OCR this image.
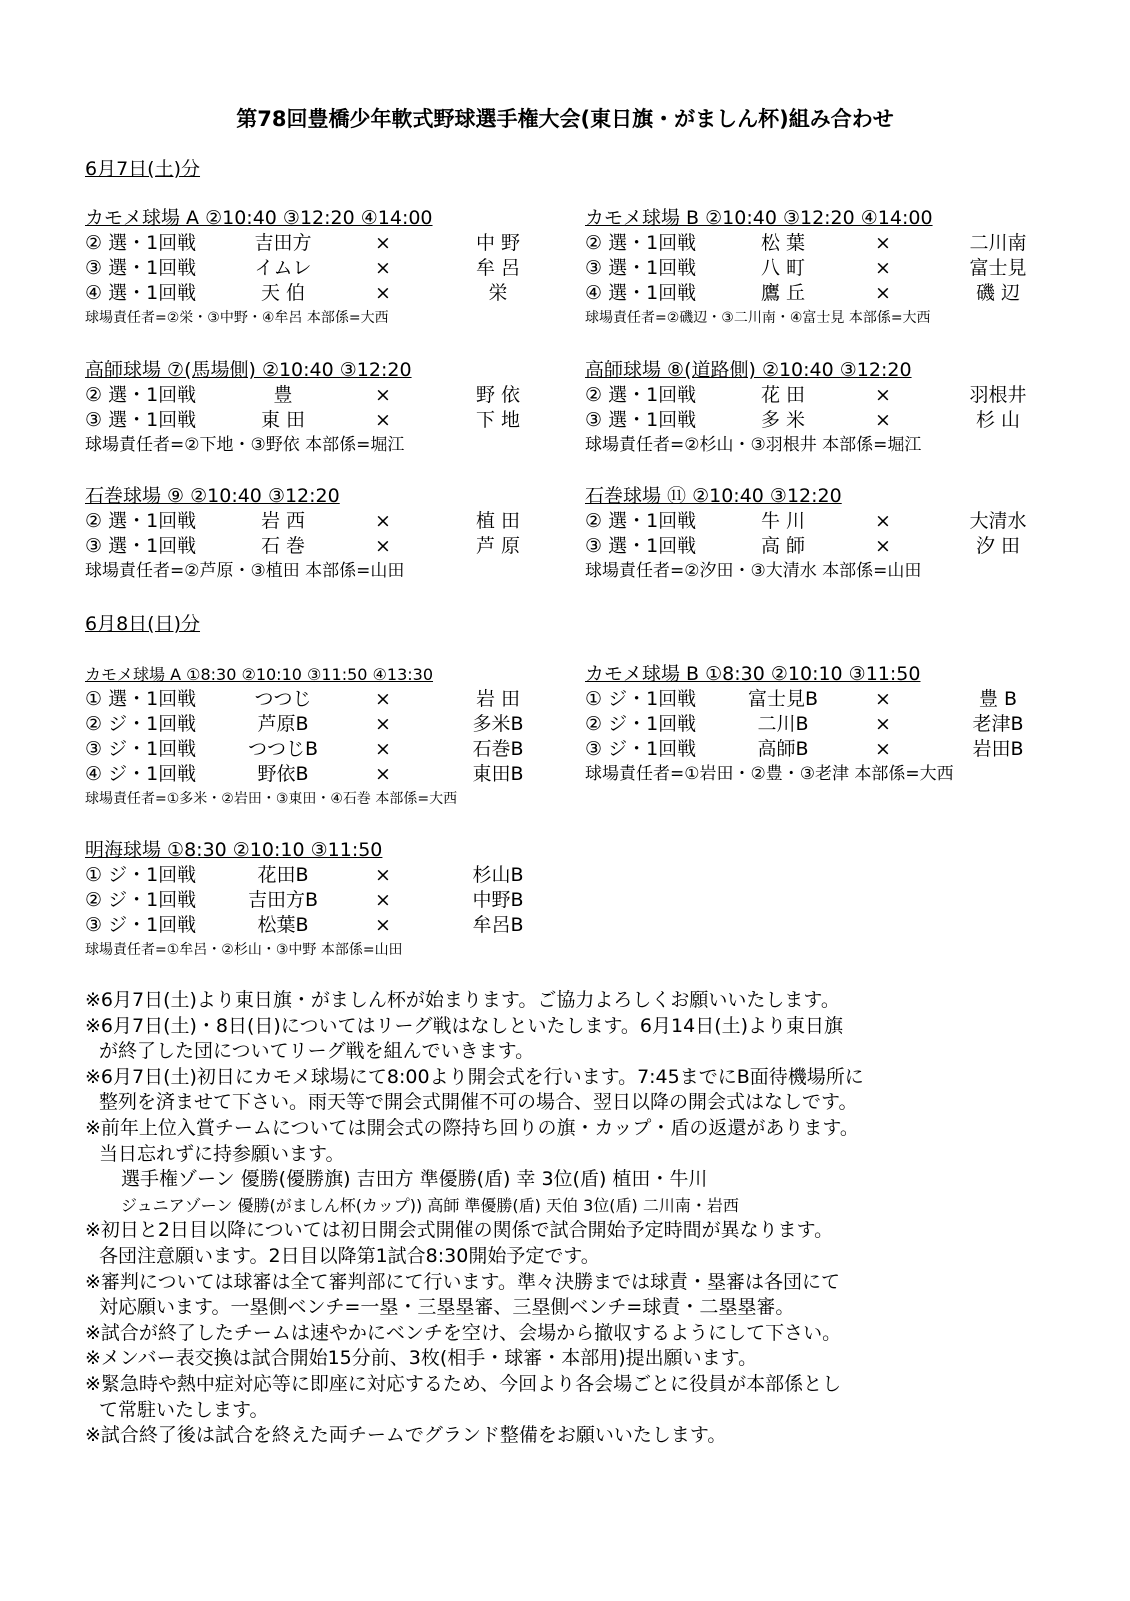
第78回豊橋少年軟式野球選手権大会(東日旗・がましん杯)組み合わせ
6月7日(土)分
6月8日(日)分
カモメ球場 A ②10:40 ③12:20 ④14:00
② 選・1回戦	吉田方	×	中 野
③ 選・1回戦	イムレ	×	牟 呂
④ 選・1回戦	天 伯	×	栄
球場責任者=②栄・③中野・④牟呂 本部係=大西
カモメ球場 B ②10:40 ③12:20 ④14:00
② 選・1回戦	松 葉	×	二川南
③ 選・1回戦	八 町	×	富士見
④ 選・1回戦	鷹 丘	×	磯 辺
球場責任者=②磯辺・③二川南・④富士見 本部係=大西
高師球場 ⑦(馬場側) ②10:40 ③12:20
② 選・1回戦	豊	×	野 依
③ 選・1回戦	東 田	×	下 地
球場責任者=②下地・③野依 本部係=堀江
高師球場 ⑧(道路側) ②10:40 ③12:20
② 選・1回戦	花 田	×	羽根井
③ 選・1回戦	多 米	×	杉 山
球場責任者=②杉山・③羽根井 本部係=堀江
石巻球場 ⑨ ②10:40 ③12:20
② 選・1回戦	岩 西	×	植 田
③ 選・1回戦	石 巻	×	芦 原
球場責任者=②芦原・③植田 本部係=山田
石巻球場 ⑪ ②10:40 ③12:20
② 選・1回戦	牛 川	×	大清水
③ 選・1回戦	高 師	×	汐 田
球場責任者=②汐田・③大清水 本部係=山田
カモメ球場 A ①8:30 ②10:10 ③11:50 ④13:30
① 選・1回戦	つつじ	×	岩 田
② ジ・1回戦	芦原B	×	多米B
③ ジ・1回戦	つつじB	×	石巻B
④ ジ・1回戦	野依B	×	東田B
球場責任者=①多米・②岩田・③東田・④石巻 本部係=大西
カモメ球場 B ①8:30 ②10:10 ③11:50
① ジ・1回戦	富士見B	×	豊 B
② ジ・1回戦	二川B	×	老津B
③ ジ・1回戦	高師B	×	岩田B
球場責任者=①岩田・②豊・③老津 本部係=大西
明海球場 ①8:30 ②10:10 ③11:50
① ジ・1回戦	花田B	×	杉山B
② ジ・1回戦	吉田方B	×	中野B
③ ジ・1回戦	松葉B	×	牟呂B
球場責任者=①牟呂・②杉山・③中野 本部係=山田
※6月7日(土)より東日旗・がましん杯が始まります。ご協力よろしくお願いいたします。
※6月7日(土)・8日(日)についてはリーグ戦はなしといたします。6月14日(土)より東日旗
が終了した団についてリーグ戦を組んでいきます。
※6月7日(土)初日にカモメ球場にて8:00より開会式を行います。7:45までにB面待機場所に
整列を済ませて下さい。雨天等で開会式開催不可の場合、翌日以降の開会式はなしです。
※前年上位入賞チームについては開会式の際持ち回りの旗・カップ・盾の返還があります。
当日忘れずに持参願います。
選手権ゾーン 優勝(優勝旗) 吉田方 準優勝(盾) 幸 3位(盾) 植田・牛川
ジュニアゾーン 優勝(がましん杯(カップ)) 高師 準優勝(盾) 天伯 3位(盾) 二川南・岩西
※初日と2日目以降については初日開会式開催の関係で試合開始予定時間が異なります。
各団注意願います。2日目以降第1試合8:30開始予定です。
※審判については球審は全て審判部にて行います。準々決勝までは球責・塁審は各団にて
対応願います。一塁側ベンチ=一塁・三塁塁審、三塁側ベンチ=球責・二塁塁審。
※試合が終了したチームは速やかにベンチを空け、会場から撤収するようにして下さい。
※メンバー表交換は試合開始15分前、3枚(相手・球審・本部用)提出願います。
※緊急時や熱中症対応等に即座に対応するため、今回より各会場ごとに役員が本部係とし
て常駐いたします。
※試合終了後は試合を終えた両チームでグランド整備をお願いいたします。
